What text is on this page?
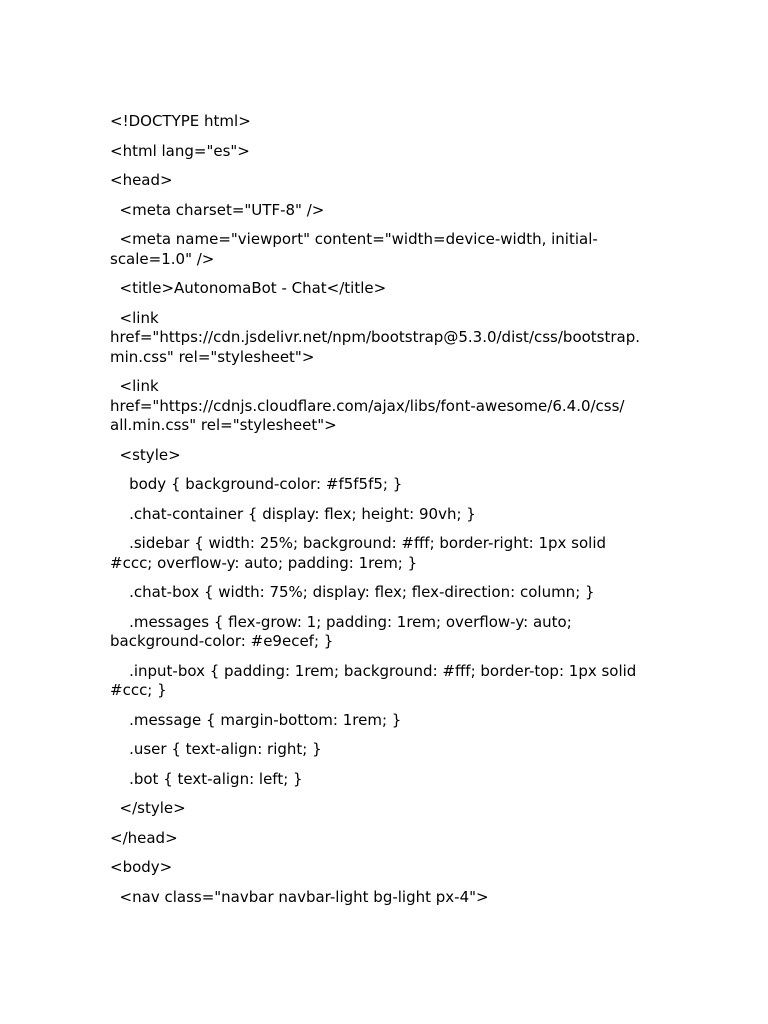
<!DOCTYPE html>
<html lang="es">
<head>
<meta charset="UTF-8" />
<meta name="viewport" content="width=device-width, initial-
scale=1.0" />
<title>AutonomaBot - Chat</title>
<link
href="https://cdn.jsdelivr.net/npm/bootstrap@5.3.0/dist/css/bootstrap.
min.css" rel="stylesheet">
<link
href="https://cdnjs.cloudflare.com/ajax/libs/font-awesome/6.4.0/css/
all.min.css" rel="stylesheet">
<style>
body { background-color: #f5f5f5; }
.chat-container { display: flex; height: 90vh; }
.sidebar { width: 25%; background: #fff; border-right: 1px solid
#ccc; overflow-y: auto; padding: 1rem; }
.chat-box { width: 75%; display: flex; flex-direction: column; }
.messages { flex-grow: 1; padding: 1rem; overflow-y: auto;
background-color: #e9ecef; }
.input-box { padding: 1rem; background: #fff; border-top: 1px solid
#ccc; }
.message { margin-bottom: 1rem; }
.user { text-align: right; }
.bot { text-align: left; }
</style>
</head>
<body>
<nav class="navbar navbar-light bg-light px-4">
